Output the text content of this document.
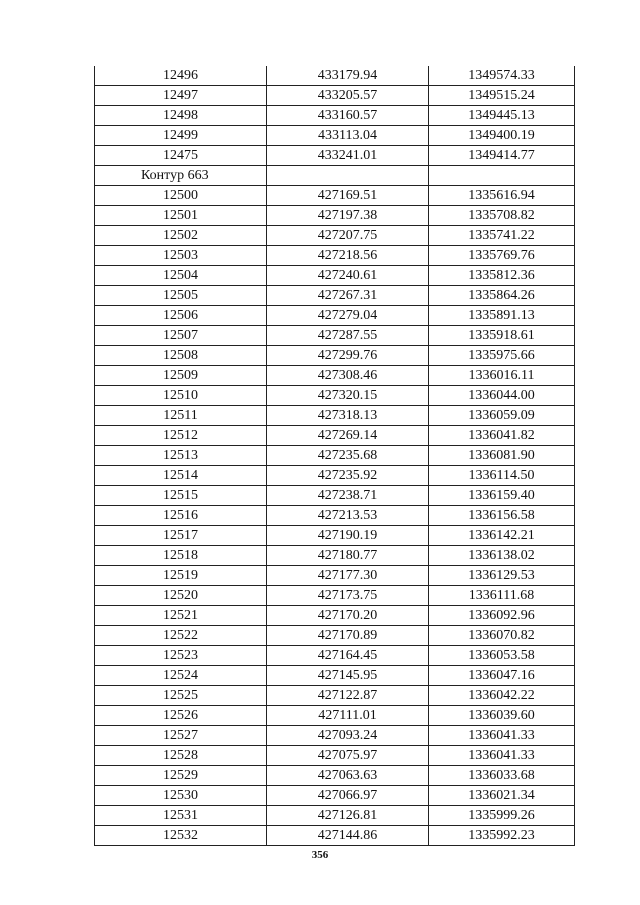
12496	433179.94	1349574.33
12497	433205.57	1349515.24
12498	433160.57	1349445.13
12499	433113.04	1349400.19
12475	433241.01	1349414.77
Контур 663		
12500	427169.51	1335616.94
12501	427197.38	1335708.82
12502	427207.75	1335741.22
12503	427218.56	1335769.76
12504	427240.61	1335812.36
12505	427267.31	1335864.26
12506	427279.04	1335891.13
12507	427287.55	1335918.61
12508	427299.76	1335975.66
12509	427308.46	1336016.11
12510	427320.15	1336044.00
12511	427318.13	1336059.09
12512	427269.14	1336041.82
12513	427235.68	1336081.90
12514	427235.92	1336114.50
12515	427238.71	1336159.40
12516	427213.53	1336156.58
12517	427190.19	1336142.21
12518	427180.77	1336138.02
12519	427177.30	1336129.53
12520	427173.75	1336111.68
12521	427170.20	1336092.96
12522	427170.89	1336070.82
12523	427164.45	1336053.58
12524	427145.95	1336047.16
12525	427122.87	1336042.22
12526	427111.01	1336039.60
12527	427093.24	1336041.33
12528	427075.97	1336041.33
12529	427063.63	1336033.68
12530	427066.97	1336021.34
12531	427126.81	1335999.26
12532	427144.86	1335992.23
356
